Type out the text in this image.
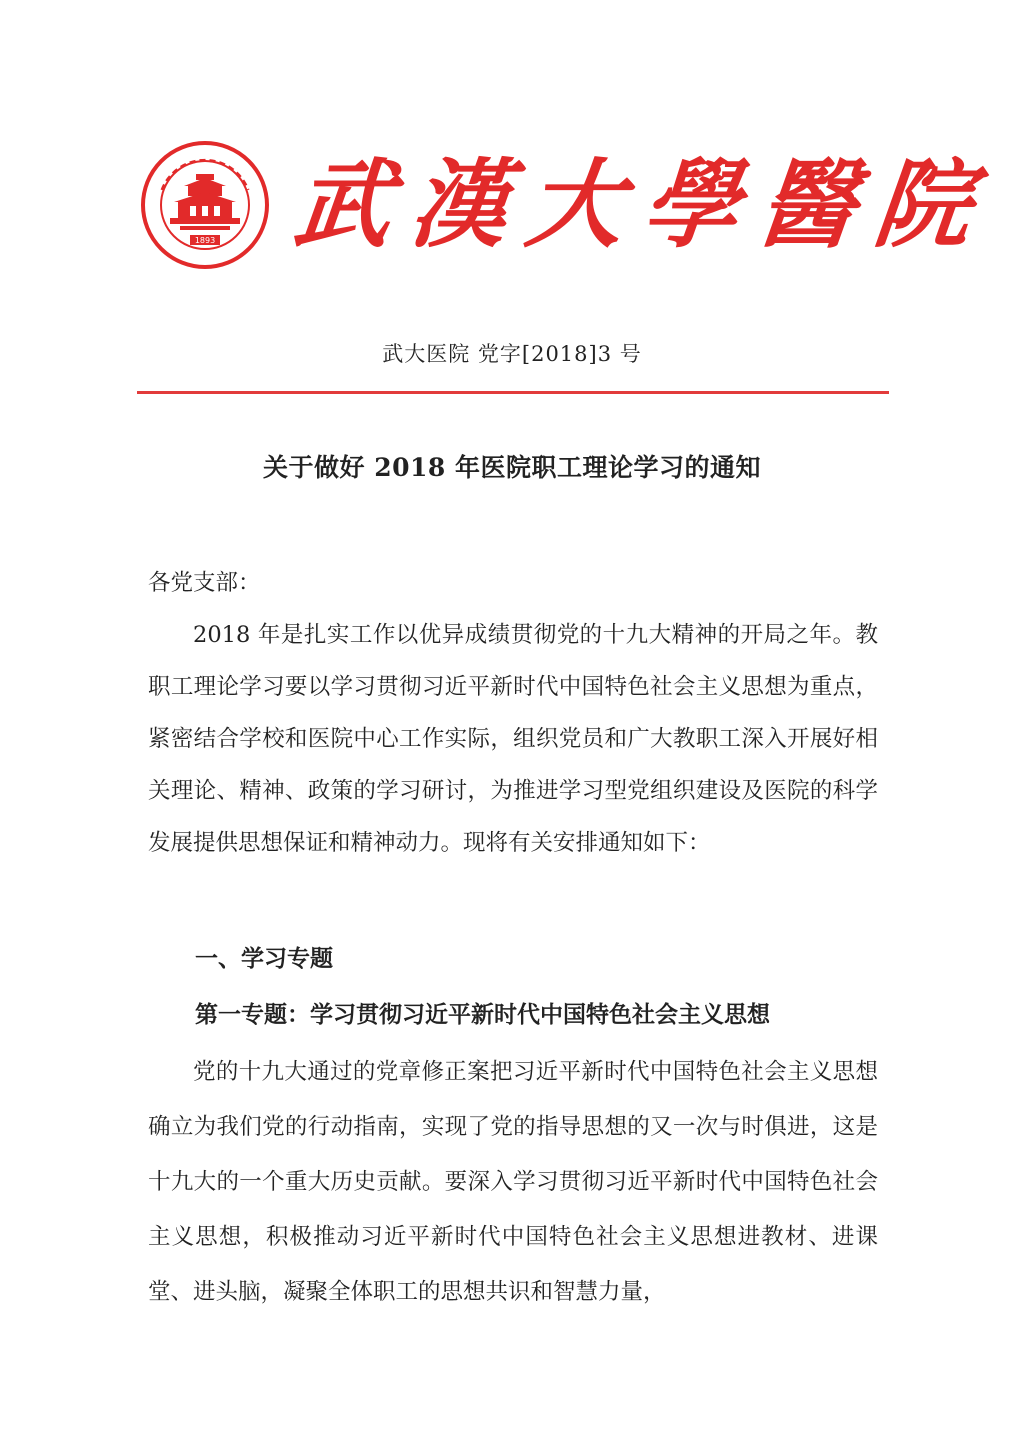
1893 武漢大學醫院
武大医院 党字[2018]3 号
关于做好 2018 年医院职工理论学习的通知
各党支部：
2018 年是扎实工作以优异成绩贯彻党的十九大精神的开局之年。教职工理论学习要以学习贯彻习近平新时代中国特色社会主义思想为重点，紧密结合学校和医院中心工作实际，组织党员和广大教职工深入开展好相关理论、精神、政策的学习研讨，为推进学习型党组织建设及医院的科学发展提供思想保证和精神动力。现将有关安排通知如下：
一、学习专题
第一专题：学习贯彻习近平新时代中国特色社会主义思想
党的十九大通过的党章修正案把习近平新时代中国特色社会主义思想确立为我们党的行动指南，实现了党的指导思想的又一次与时俱进，这是十九大的一个重大历史贡献。要深入学习贯彻习近平新时代中国特色社会主义思想，积极推动习近平新时代中国特色社会主义思想进教材、进课堂、进头脑，凝聚全体职工的思想共识和智慧力量，
